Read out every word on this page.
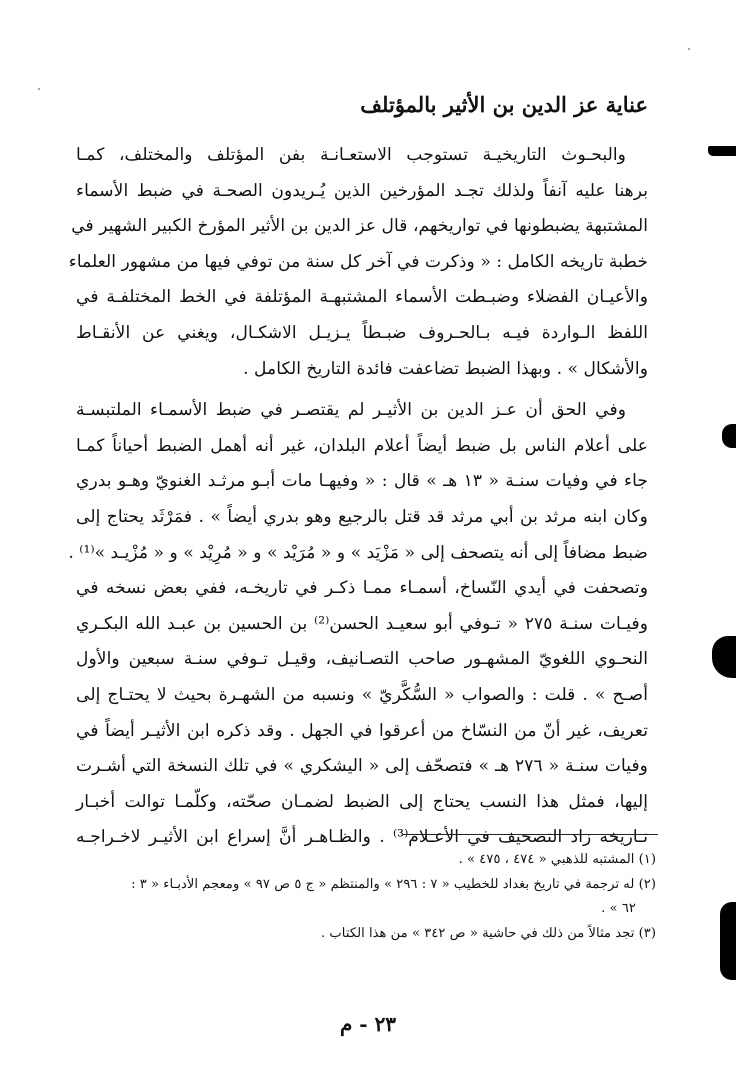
عناية عز الدين بن الأثير بالمؤتلف
والبحـوث التاريخيـة تستوجب الاستعـانـة بفن المؤتلف والمختلف، كمـا
برهنا عليه آنفاً ولذلك تجـد المؤرخين الذين يُـريدون الصحـة في ضبط الأسماء
المشتبهة يضبطونها في تواريخهم، قال عز الدين بن الأثير المؤرخ الكبير الشهير في
خطبة تاريخه الكامل : « وذكرت في آخر كل سنة من توفي فيها من مشهور العلماء
والأعيـان الفضلاء وضبـطت الأسماء المشتبهـة المؤتلفة في الخط المختلفـة في
اللفظ الـواردة فيـه بـالحـروف ضبـطاً يـزيـل الاشكـال، ويغني عن الأنقـاط
والأشكال » . وبهذا الضبط تضاعفت فائدة التاريخ الكامل .
وفي الحق أن عـز الدين بن الأثيـر لم يقتصـر في ضبط الأسمـاء الملتبسـة
على أعلام الناس بل ضبط أيضاً أعلام البلدان، غير أنه أهمل الضبط أحياناً كمـا
جاء في وفيات سنـة « ١٣ هـ » قال : « وفيهـا مات أبـو مرثـد الغنويّ وهـو بدري
وكان ابنه مرثد بن أبي مرثد قد قتل بالرجيع وهو بدري أيضاً » . فمَرْثَد يحتاج إلى
ضبط مضافاً إلى أنه يتصحف إلى « مَزْيَد » و « مُرَيْد » و « مُرِيْد » و « مُزْيـد »⁽¹⁾ .
وتصحفت في أيدي النّساخ، أسمـاء ممـا ذكـر في تاريخـه، ففي بعض نسخه في
وفيـات سنـة ٢٧٥ « تـوفي أبو سعيـد الحسن⁽²⁾ بن الحسين بن عبـد الله البكـري
النحـوي اللغويّ المشهـور صاحب التصـانيف، وقيـل تـوفي سنـة سبعين والأول
أصـح » . قلت : والصواب « السُّكَّريّ » ونسبه من الشهـرة بحيث لا يحتـاج إلى
تعريف، غير أنّ من النسّاخ من أعرقوا في الجهل . وقد ذكره ابن الأثيـر أيضاً في
وفيات سنـة « ٢٧٦ هـ » فتصحّف إلى « اليشكري » في تلك النسخة التي أشـرت
إليها، فمثل هذا النسب يحتاج إلى الضبط لضمـان صحّته، وكلّمـا توالت أخبـار
تـاريخه زاد التصحيف في الأعـلام⁽³⁾ . والظـاهـر أنَّ إسراع ابن الأثيـر لاخـراجـه
(١) المشتبه للذهبي « ٤٧٤ ، ٤٧٥ » .
(٢) له ترجمة في تاريخ بغداد للخطيب « ٧ : ٢٩٦ » والمنتظم « ج ٥ ص ٩٧ » ومعجم الأدبـاء « ٣ :
٦٢ » .
(٣) تجد مثالاً من ذلك في حاشية « ص ٣٤٢ » من هذا الكتاب .
٢٣ - م
